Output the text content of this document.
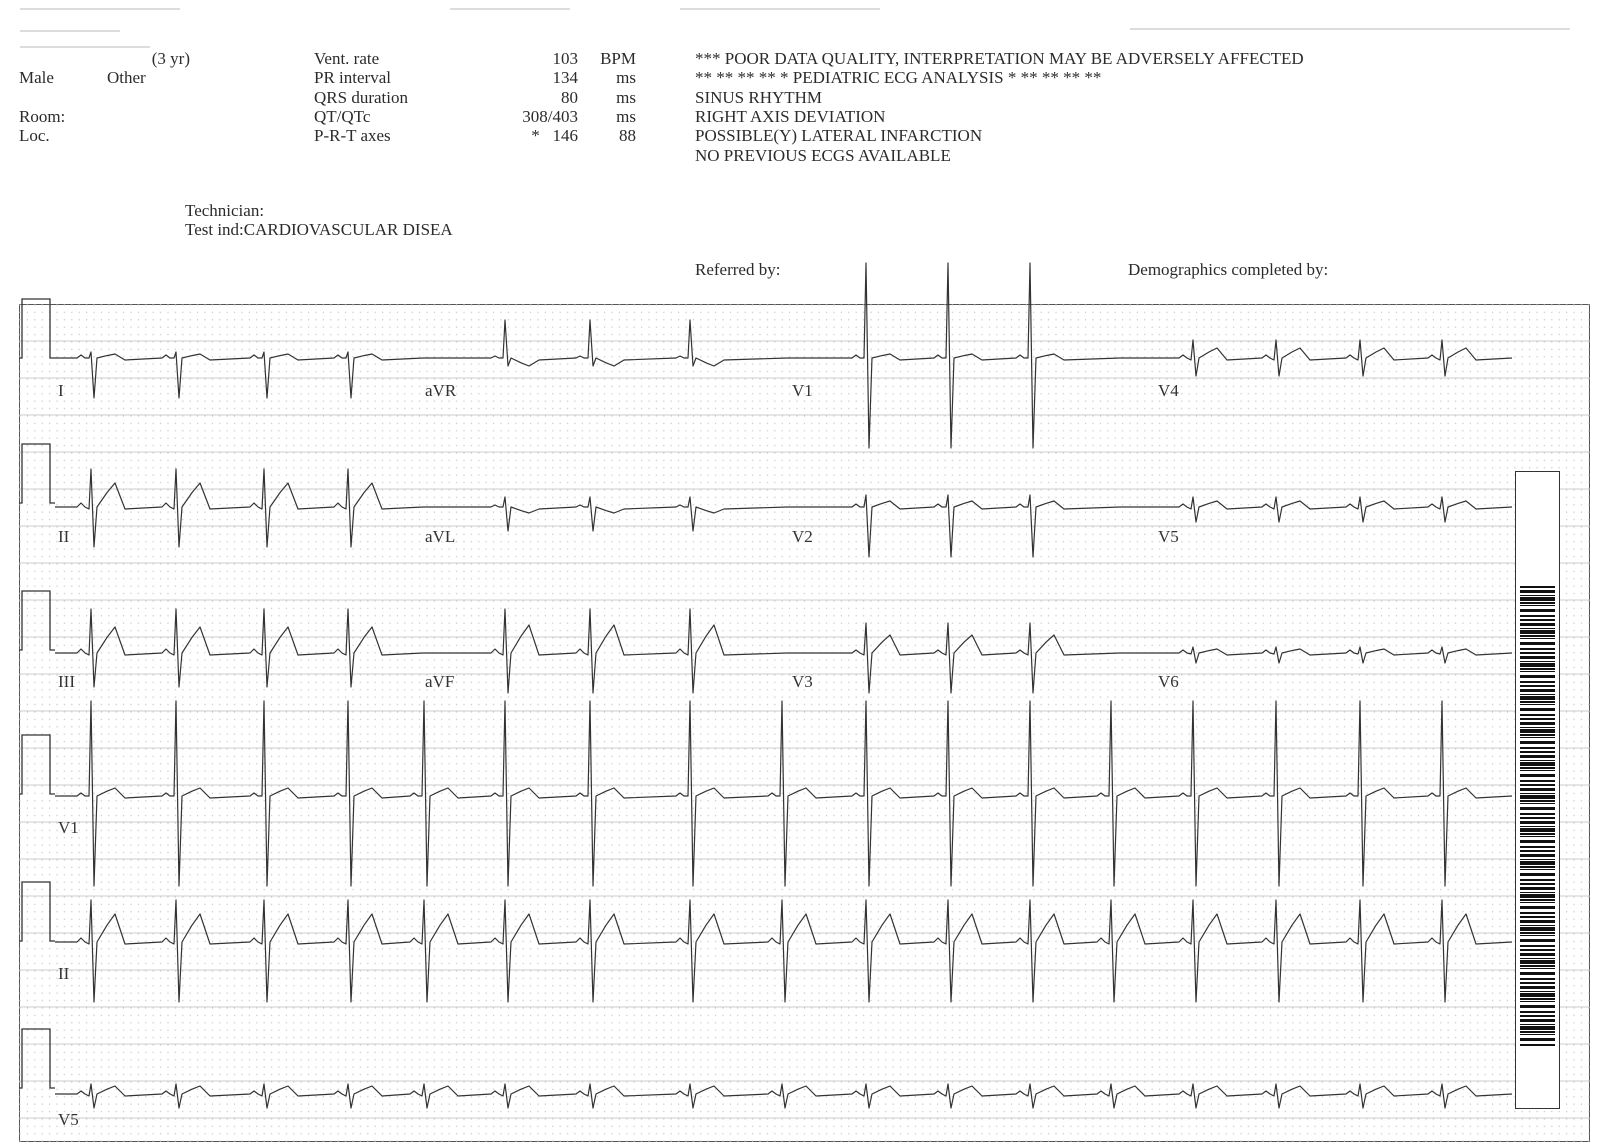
(3 yr)
Male	Other
Room:
Loc.
Vent. rate	103	BPM
PR interval	134	ms
QRS duration	80	ms
QT/QTc	308/403	ms
P-R-T axes	*   146	88
*** POOR DATA QUALITY, INTERPRETATION MAY BE ADVERSELY AFFECTED
** ** ** ** * PEDIATRIC ECG ANALYSIS * ** ** ** **
SINUS RHYTHM
RIGHT AXIS DEVIATION
POSSIBLE(Y) LATERAL INFARCTION
NO PREVIOUS ECGS AVAILABLE
Technician:
Test ind:CARDIOVASCULAR DISEA
Referred by:	Demographics completed by:
I	aVR	V1	V4
II	aVL	V2	V5
III	aVF	V3	V6
V1
II
V5
